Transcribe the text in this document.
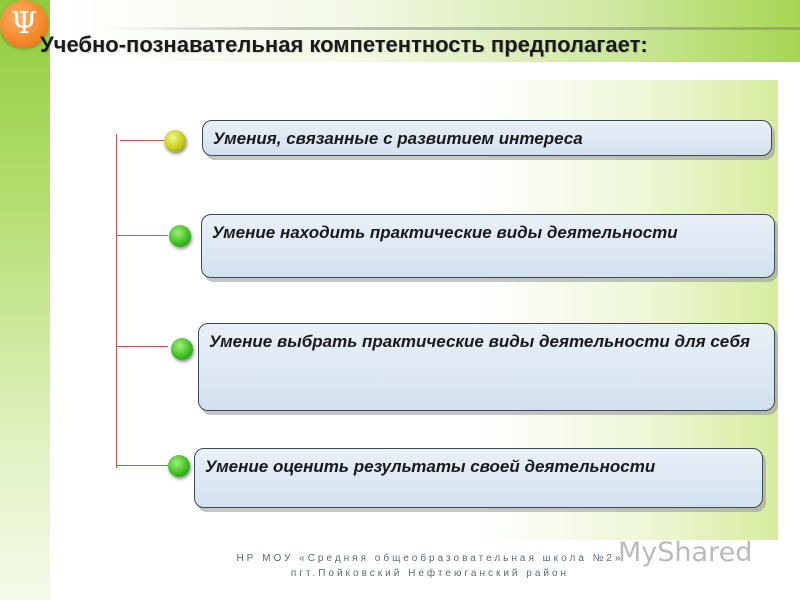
Ψ
Учебно-познавательная компетентность предполагает:
Умения, связанные с развитием интереса
Умение находить практические виды деятельности
Умение выбрать практические виды деятельности для себя
Умение оценить результаты своей деятельности
НР МОУ «Средняя общеобразовательная школа №2»
пгт.Пойковский Нефтеюганский район
MyShared
